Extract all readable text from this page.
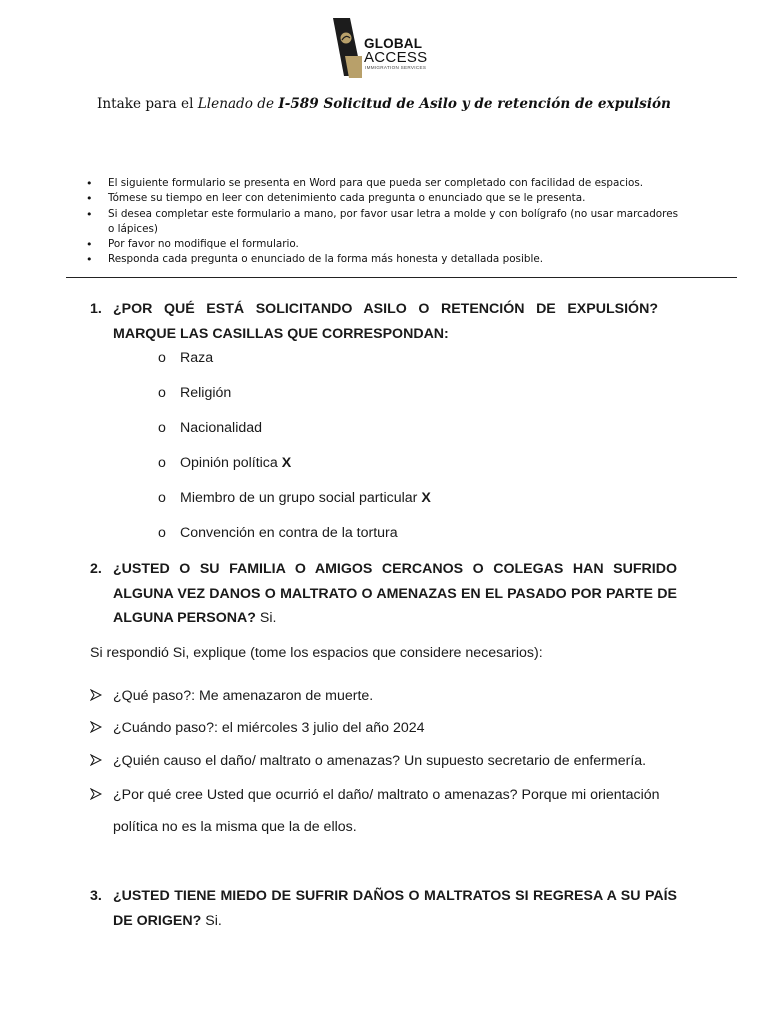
GLOBAL
ACCESS
IMMIGRATION SERVICES
Intake para el Llenado de I-589 Solicitud de Asilo y de retención de expulsión
• El siguiente formulario se presenta en Word para que pueda ser completado con facilidad de espacios.
• Tómese su tiempo en leer con detenimiento cada pregunta o enunciado que se le presenta.
• Si desea completar este formulario a mano, por favor usar letra a molde y con bolígrafo (no usar marcadores o lápices)
• Por favor no modifique el formulario.
• Responda cada pregunta o enunciado de la forma más honesta y detallada posible.
1. ¿POR QUÉ ESTÁ SOLICITANDO ASILO O RETENCIÓN DE EXPULSIÓN? MARQUE LAS CASILLAS QUE CORRESPONDAN:
o Raza
o Religión
o Nacionalidad
o Opinión política X
o Miembro de un grupo social particular X
o Convención en contra de la tortura
2. ¿USTED O SU FAMILIA O AMIGOS CERCANOS O COLEGAS HAN SUFRIDO ALGUNA VEZ DANOS O MALTRATO O AMENAZAS EN EL PASADO POR PARTE DE ALGUNA PERSONA? Si.
Si respondió Si, explique (tome los espacios que considere necesarios):
¿Qué paso?: Me amenazaron de muerte.
¿Cuándo paso?: el miércoles 3 julio del año 2024
¿Quién causo el daño/ maltrato o amenazas? Un supuesto secretario de enfermería.
¿Por qué cree Usted que ocurrió el daño/ maltrato o amenazas? Porque mi orientación
política no es la misma que la de ellos.
3. ¿USTED TIENE MIEDO DE SUFRIR DAÑOS O MALTRATOS SI REGRESA A SU PAÍS DE ORIGEN? Si.
